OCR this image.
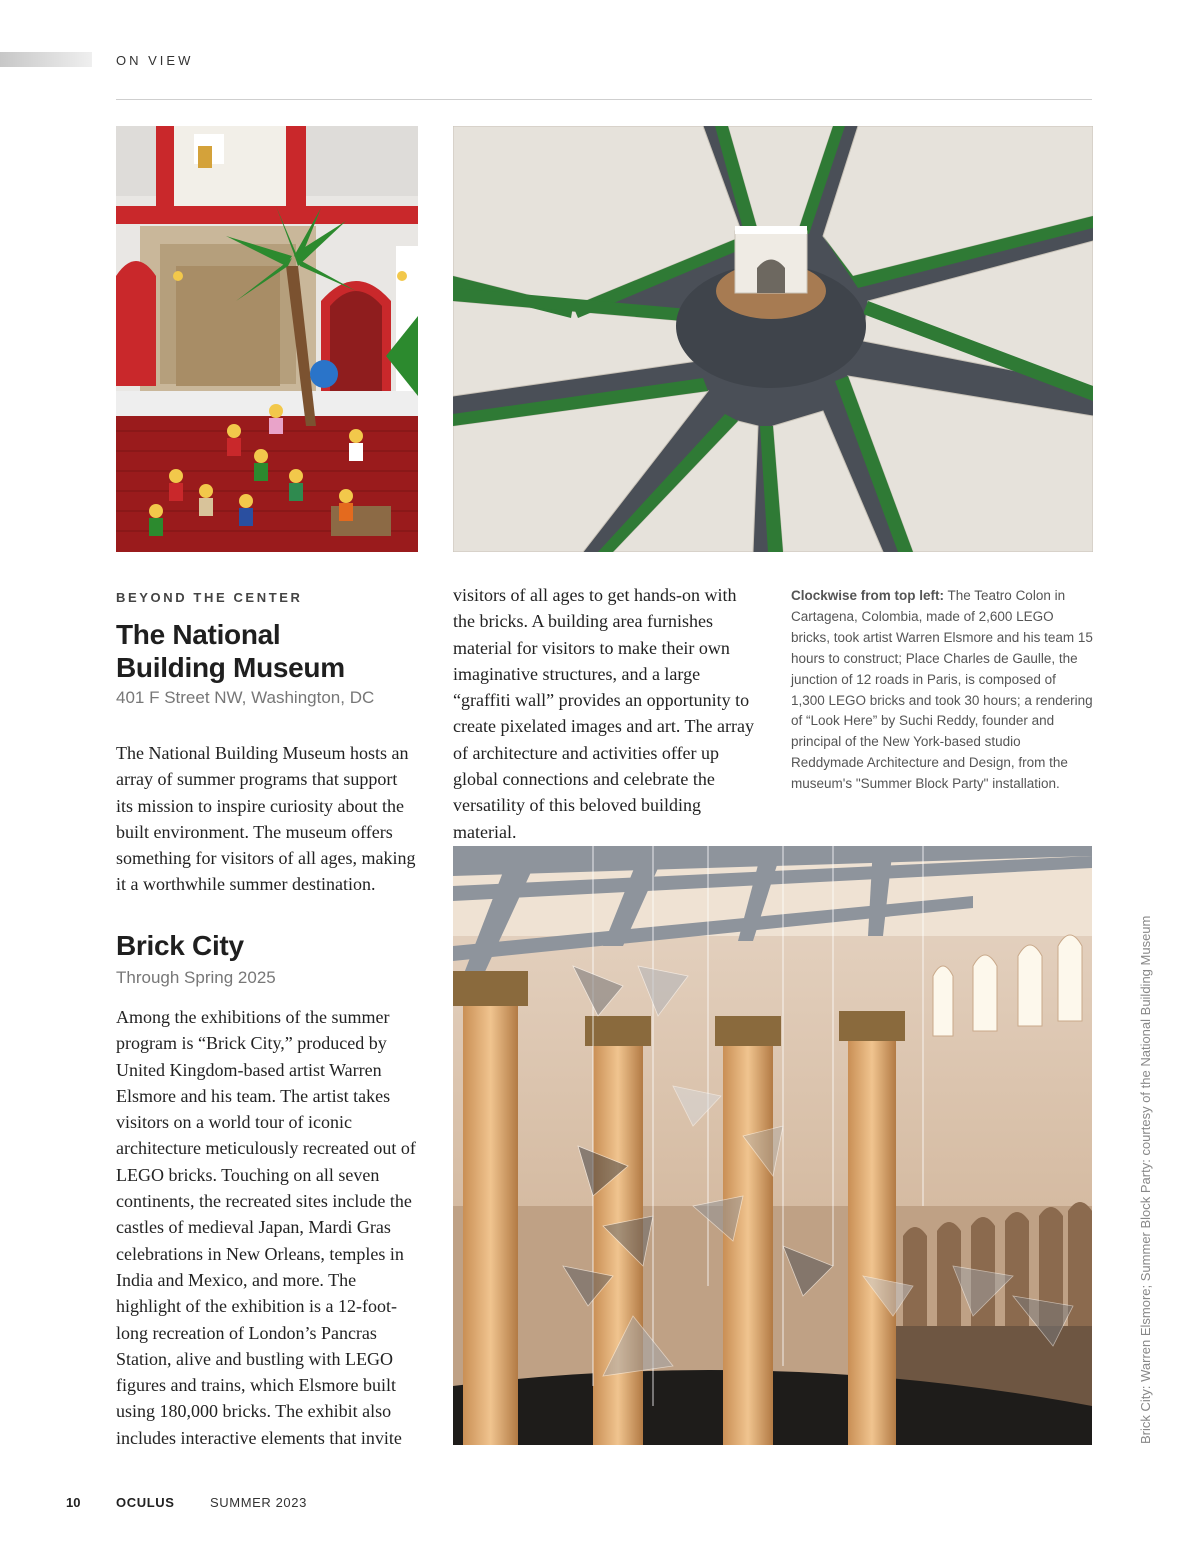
ON VIEW
BEYOND THE CENTER
The National
Building Museum
401 F Street NW, Washington, DC

The National Building Museum hosts an array of summer programs that support its mission to inspire curiosity about the built environment. The museum offers something for visitors of all ages, making it a worthwhile summer destination.

Brick City
Through Spring 2025

Among the exhibitions of the summer program is “Brick City,” produced by United Kingdom-based artist Warren Elsmore and his team. The artist takes visitors on a world tour of iconic architecture meticulously recreated out of LEGO bricks. Touching on all seven continents, the recreated sites include the castles of medieval Japan, Mardi Gras celebrations in New Orleans, temples in India and Mexico, and more. The highlight of the exhibition is a 12-foot-long recreation of London’s Pancras Station, alive and bustling with LEGO figures and trains, which Elsmore built using 180,000 bricks. The exhibit also includes interactive elements that invite

visitors of all ages to get hands-on with the bricks. A building area furnishes material for visitors to make their own imaginative structures, and a large “graffiti wall” provides an opportunity to create pixelated images and art. The array of architecture and activities offer up global connections and celebrate the versatility of this beloved building material.

Clockwise from top left: The Teatro Colon in Cartagena, Colombia, made of 2,600 LEGO bricks, took artist Warren Elsmore and his team 15 hours to construct; Place Charles de Gaulle, the junction of 12 roads in Paris, is composed of 1,300 LEGO bricks and took 30 hours; a rendering of “Look Here” by Suchi Reddy, founder and principal of the New York-based studio Reddymade Architecture and Design, from the museum's "Summer Block Party" installation.

Brick City: Warren Elsmore; Summer Block Party: courtesy of the National Building Museum
10	OCULUS	SUMMER 2023
